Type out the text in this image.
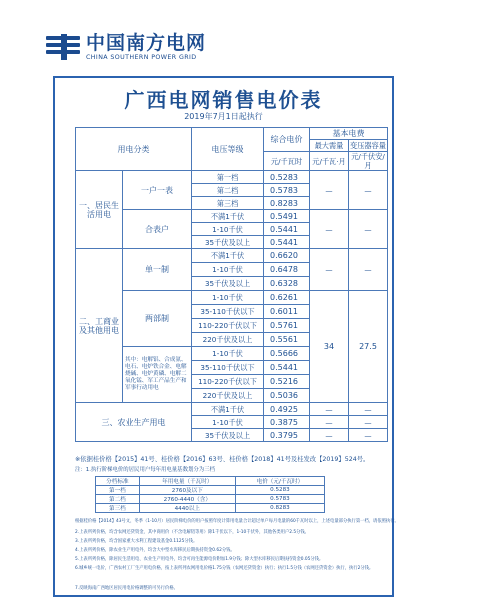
中国南方电网
CHINA SOUTHERN POWER GRID
广西电网销售电价表
2019年7月1日起执行
用电分类		电压等级	综合电价	基本电费	
				最大需量	变压器容量
			元/千瓦时	元/千瓦·月	元/千伏安/月
一、居民生活用电	一户一表	第一档	0.5283	—	—
		第二档	0.5783		
		第三档	0.8283		
	合表户	不满1千伏	0.5491	—	—
		1-10千伏	0.5441		
		35千伏及以上	0.5441		
二、工商业及其他用电	单一制	不满1千伏	0.6620	—	—
		1-10千伏	0.6478		
		35千伏及以上	0.6328		
	两部制	1-10千伏	0.6261	34	27.5
		35-110千伏以下	0.6011		
		110-220千伏以下	0.5761		
		220千伏及以上	0.5561		
	其中：电解铝、合成氨、电石、电炉铁合金、电解烧碱、电炉黄磷、电解二氧化锰、军工产品生产和军事行动用电	1-10千伏	0.5666		
		35-110千伏以下	0.5441		
		110-220千伏以下	0.5216		
		220千伏及以上	0.5036		
三、农业生产用电		不满1千伏	0.4925	—	—
		1-10千伏	0.3875	—	—
		35千伏及以上	0.3795	—	—
※依据桂价格【2015】41号、桂价格【2016】63号、桂价格【2018】41号及桂发改【2019】524号。
注：1.执行阶梯电价的居民用户每年用电量基数划分为三档
分档标准	年用电量（千瓦时）	电价（元/千瓦时）
第一档	2760及以下	0.5283
第二档	2760-4440（含）	0.5783
第三档	4440以上	0.8283
根据桂价格【2014】43号文，冬季（1-10月）居民阶梯电价的用户按照年度计算用电量合计超过单户每月电量的60千瓦时以上，上述电量部分执行第一档，请依照执行。
2.上表所列价格，均含农网还贷资金，其中商用价（不含电解铝等用）除1千伏以下，1-10千伏外，其他各类用户2.5分钱。
3.上表所列价格，均含国家重大水利工程建设基金0.1125分钱。
4.上表所列价格，除农业生产用电外，均含大中型水库移民后期扶持资金0.62分钱。
5.上表所列价格，除居民生活用电、农业生产用电外，均含可再生能源电价附加1.9分钱；除大型水库移民后期扶持资金0.05分钱。
6.城乡统一电价，广西农村工厂生产用电价格，按上表所列农网用电价格1.75分钱（农网还贷资金）执行；执行1.5分钱（农网还贷资金）执行，执行2分钱。
7.反映海南广西地区居民用电价格调整的可另行价格。
